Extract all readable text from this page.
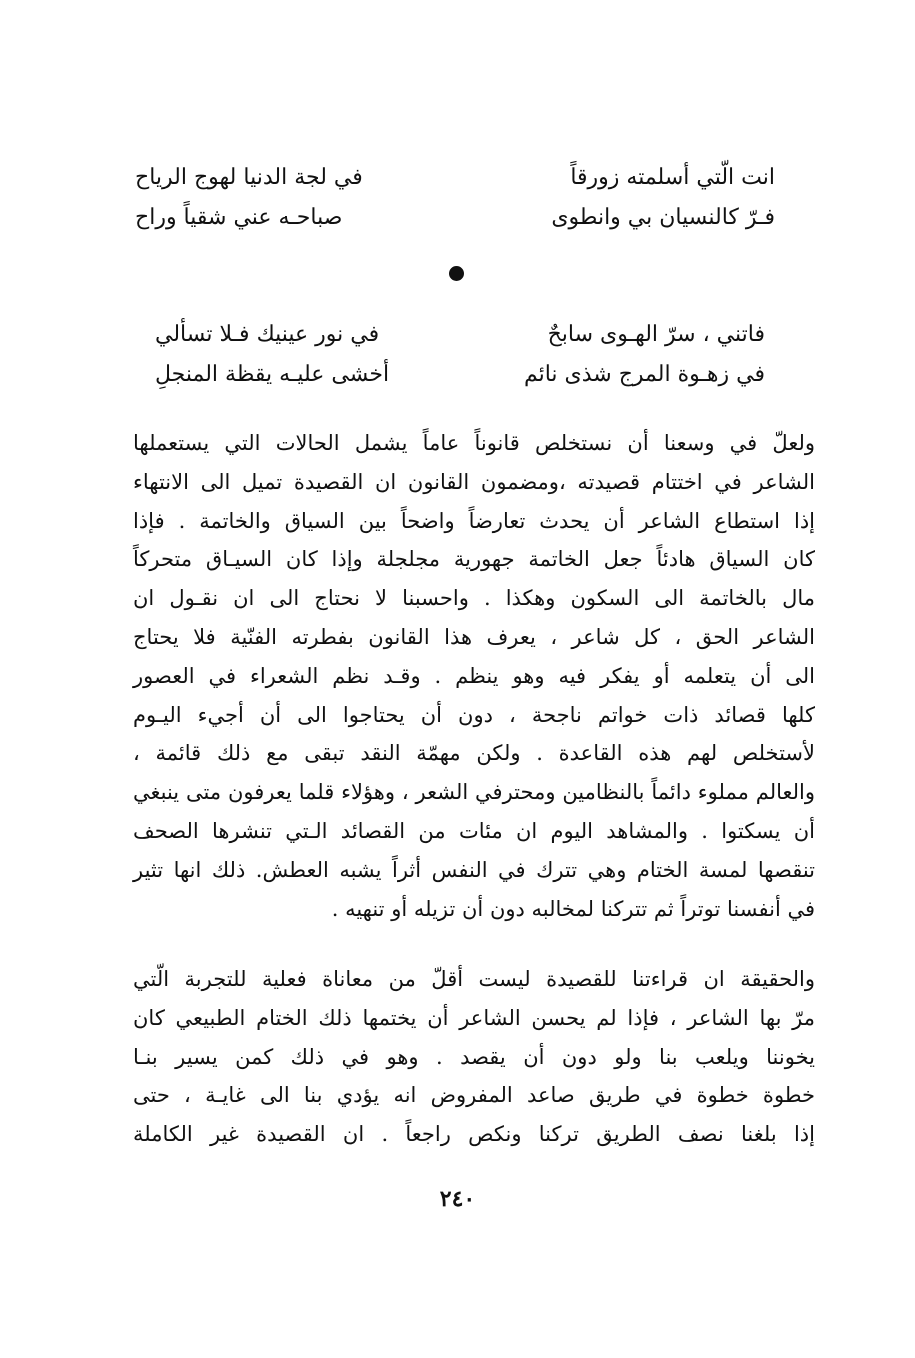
انت الّتي أسلمته زورقاً
في لجة الدنيا لهوج الرياح
فـرّ كالنسيان بي وانطوى
صباحـه عني شقياً وراح
فاتني ، سرّ الهـوى سابحٌ
في نور عينيك فـلا تسألي
في زهـوة المرج شذى نائم
أخشى عليـه يقظة المنجلِ
ولعلّ في وسعنا أن نستخلص قانوناً عاماً يشمل الحالات التي يستعملها
الشاعر في اختتام قصيدته ،ومضمون القانون ان القصيدة تميل الى الانتهاء
إذا استطاع الشاعر أن يحدث تعارضاً واضحاً بين السياق والخاتمة . فإذا
كان السياق هادئاً جعل الخاتمة جهورية مجلجلة وإذا كان السيـاق متحركاً
مال بالخاتمة الى السكون وهكذا . واحسبنا لا نحتاج الى ان نقـول ان
الشاعر الحق ، كل شاعر ، يعرف هذا القانون بفطرته الفنّية فلا يحتاج
الى أن يتعلمه أو يفكر فيه وهو ينظم . وقـد نظم الشعراء في العصور
كلها قصائد ذات خواتم ناجحة ، دون أن يحتاجوا الى أن أجيء اليـوم
لأستخلص لهم هذه القاعدة . ولكن مهمّة النقد تبقى مع ذلك قائمة ،
والعالم مملوء دائماً بالنظامين ومحترفي الشعر ، وهؤلاء قلما يعرفون متى ينبغي
أن يسكتوا . والمشاهد اليوم ان مئات من القصائد الـتي تنشرها الصحف
تنقصها لمسة الختام وهي تترك في النفس أثراً يشبه العطش. ذلك انها تثير
في أنفسنا توتراً ثم تتركنا لمخالبه دون أن تزيله أو تنهيه .
والحقيقة ان قراءتنا للقصيدة ليست أقلّ من معاناة فعلية للتجربة الّتي
مرّ بها الشاعر ، فإذا لم يحسن الشاعر أن يختمها ذلك الختام الطبيعي كان
يخوننا ويلعب بنا ولو دون أن يقصد . وهو في ذلك كمن يسير بنـا
خطوة خطوة في طريق صاعد المفروض انه يؤدي بنا الى غايـة ، حتى
إذا بلغنا نصف الطريق تركنا ونكص راجعاً . ان القصيدة غير الكاملة
٢٤٠
